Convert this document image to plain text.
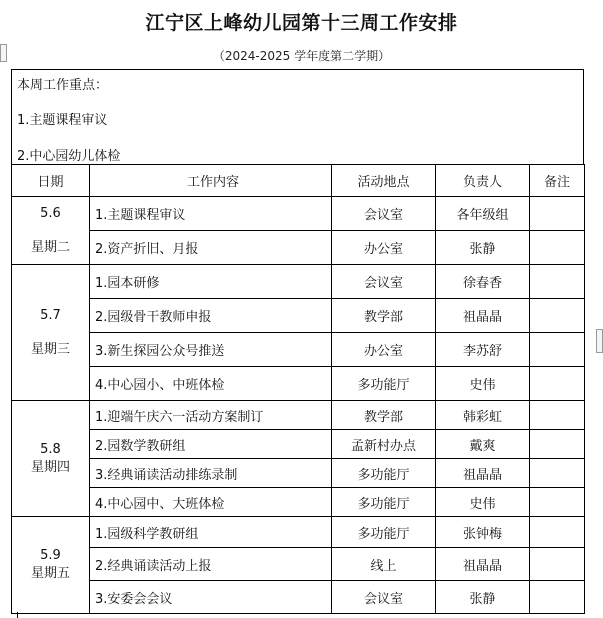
江宁区上峰幼儿园第十三周工作安排
（2024-2025 学年度第二学期）
本周工作重点：
1.主题课程审议
2.中心园幼儿体检
日期	工作内容	活动地点	负责人	备注

5.6
星期二	1.主题课程审议	会议室	各年级组	
	2.资产折旧、月报	办公室	张静	

5.7
星期三	1.园本研修	会议室	徐春香	
	2.园级骨干教师申报	教学部	祖晶晶	
	3.新生探园公众号推送	办公室	李苏舒	
	4.中心园小、中班体检	多功能厅	史伟	

5.8
星期四	1.迎端午庆六一活动方案制订	教学部	韩彩虹	
	2.园数学教研组	孟新村办点	戴爽	
	3.经典诵读活动排练录制	多功能厅	祖晶晶	
	4.中心园中、大班体检	多功能厅	史伟	

5.9
星期五	1.园级科学教研组	多功能厅	张钟梅	
	2.经典诵读活动上报	线上	祖晶晶	
	3.安委会会议	会议室	张静	
